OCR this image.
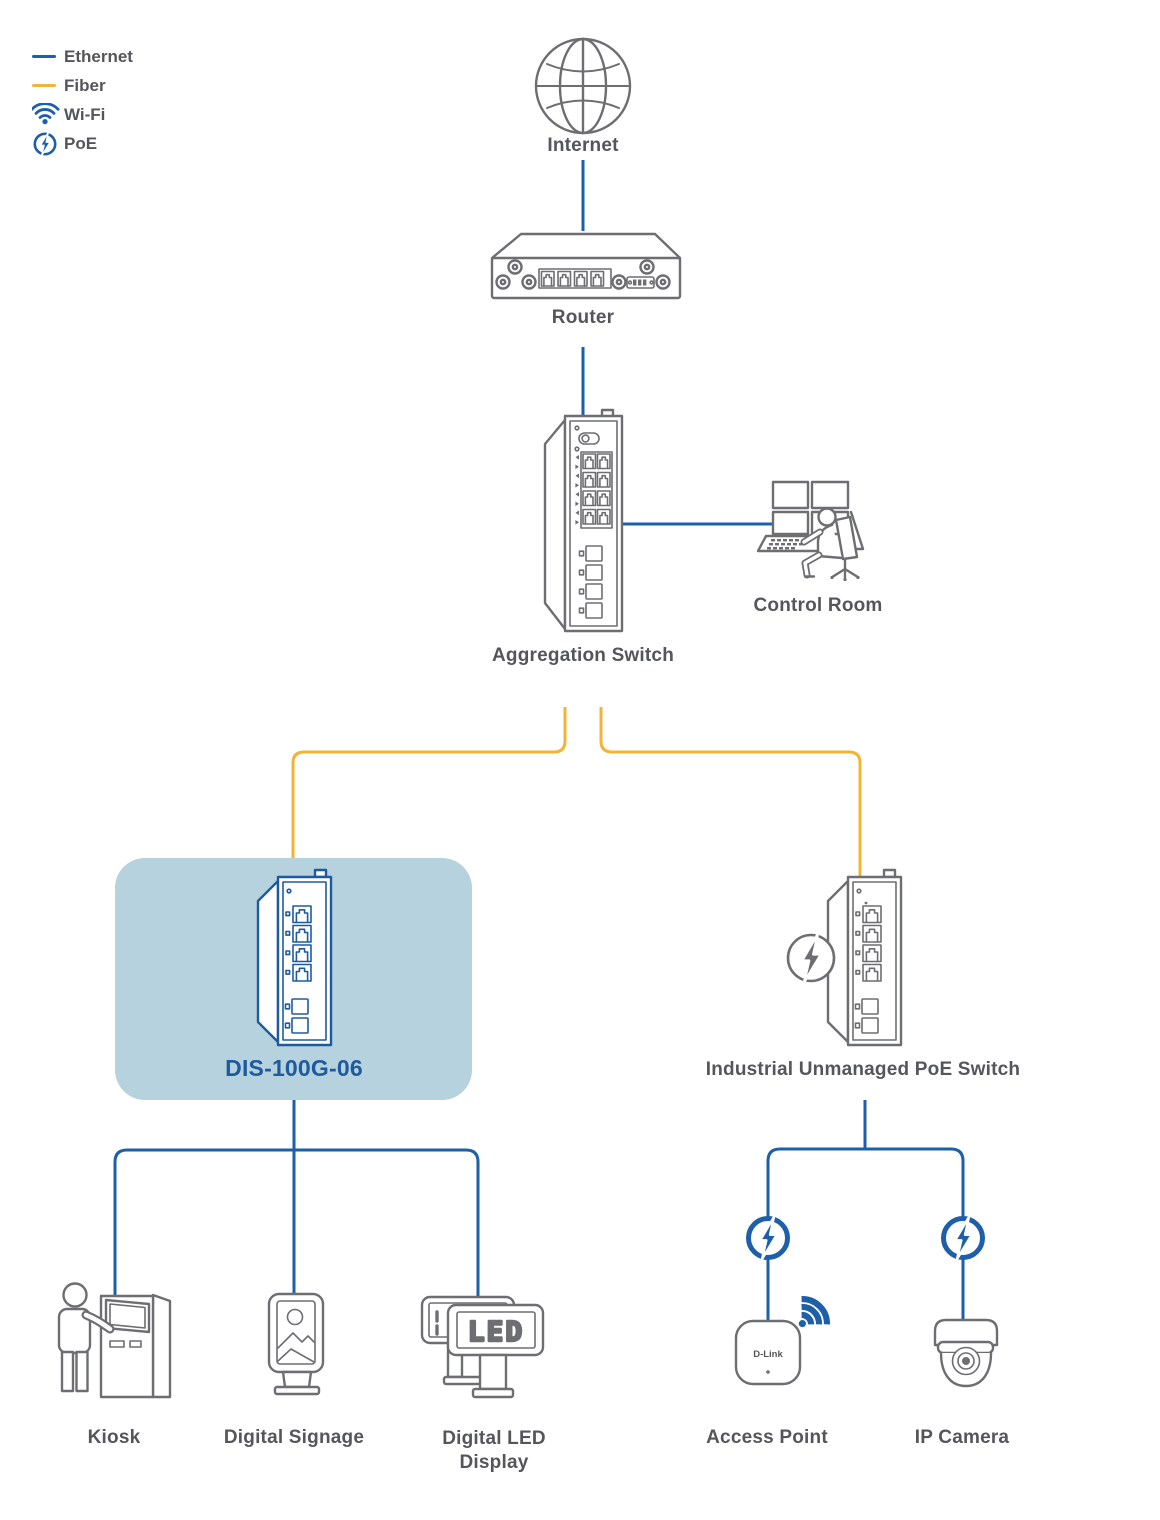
LED
D-Link
Ethernet
Fiber
Wi-Fi
PoE	Internet
Router
Aggregation Switch
Control Room
DIS-100G-06	Industrial Unmanaged PoE Switch
Kiosk	Digital Signage	Digital LED
Display
Access Point	IP Camera
